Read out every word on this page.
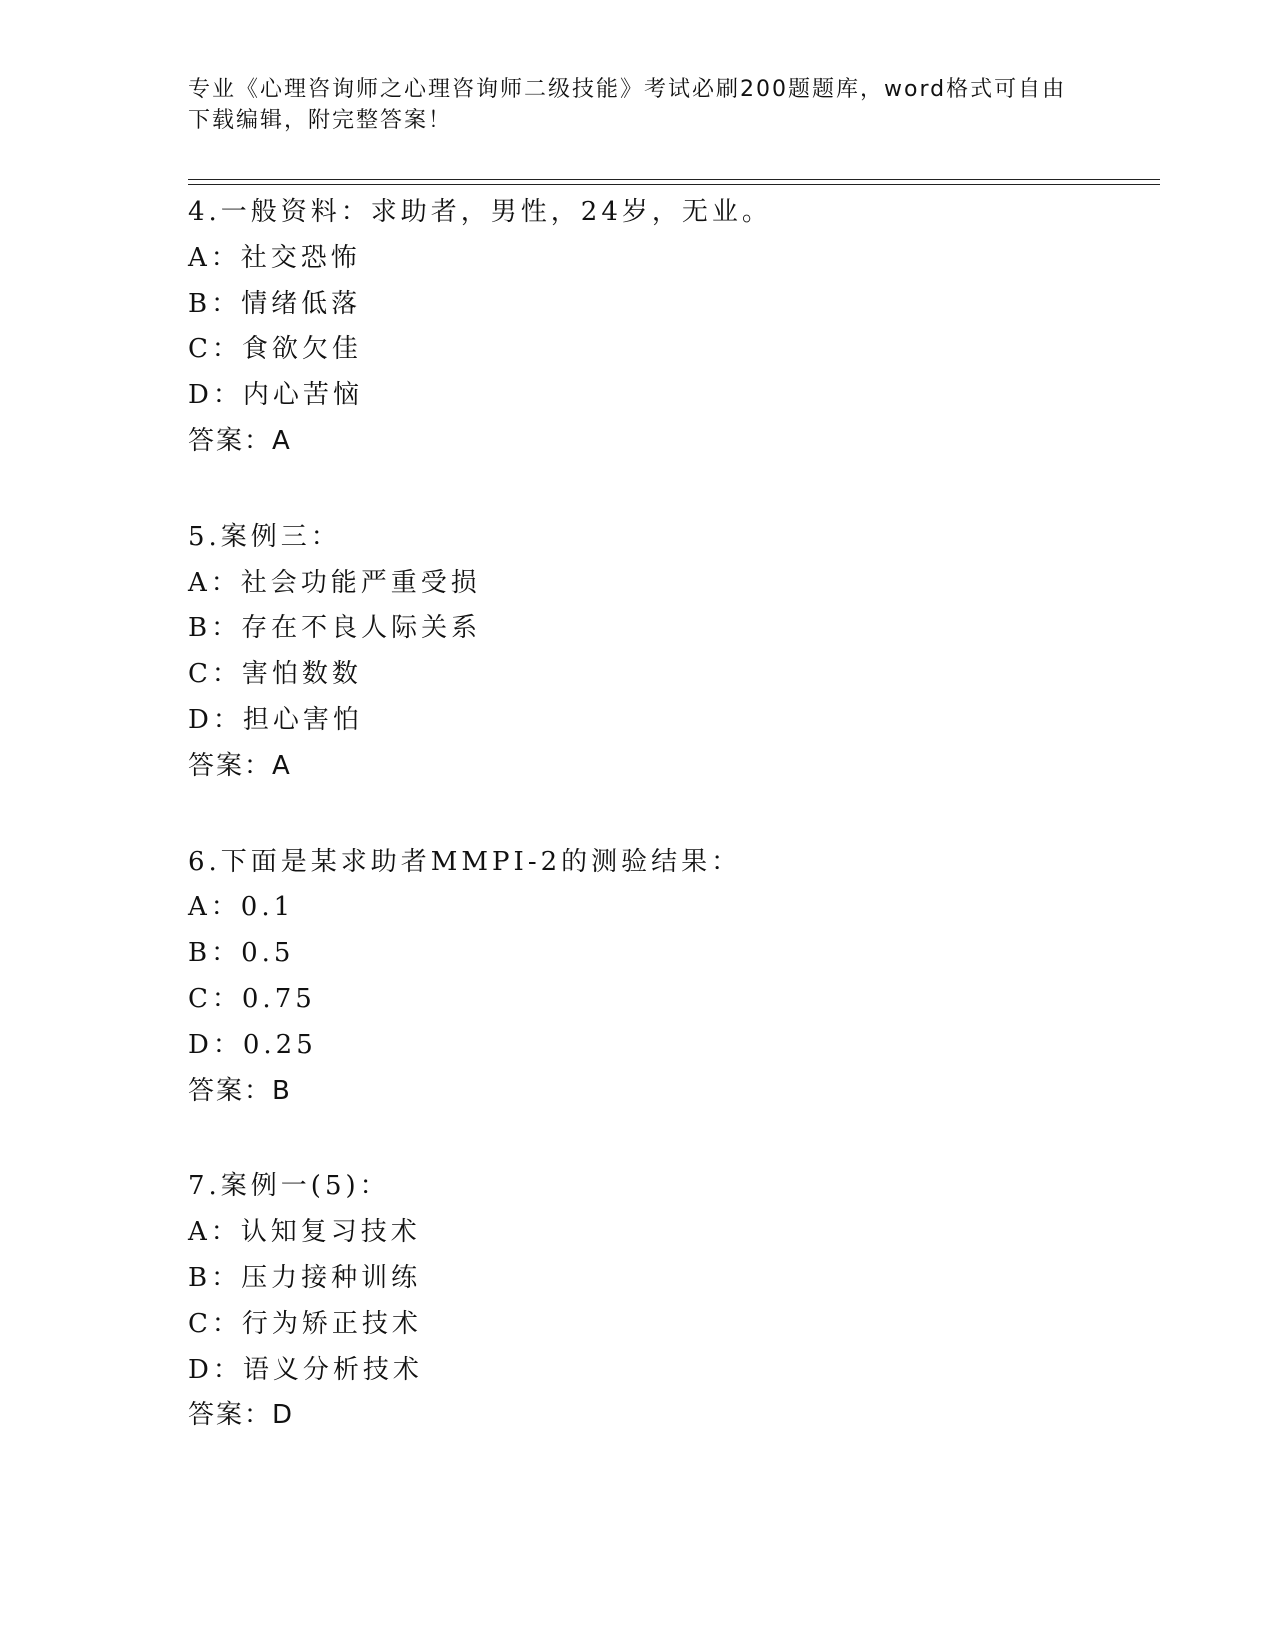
专业《心理咨询师之心理咨询师二级技能》考试必刷200题题库，word格式可自由下载编辑，附完整答案！
4.一般资料：求助者，男性，24岁，无业。
A：社交恐怖
B：情绪低落
C：食欲欠佳
D：内心苦恼
答案：A
5.案例三：
A：社会功能严重受损
B：存在不良人际关系
C：害怕数数
D：担心害怕
答案：A
6.下面是某求助者MMPI-2的测验结果：
A：0.1
B：0.5
C：0.75
D：0.25
答案：B
7.案例一(5)：
A：认知复习技术
B：压力接种训练
C：行为矫正技术
D：语义分析技术
答案：D
